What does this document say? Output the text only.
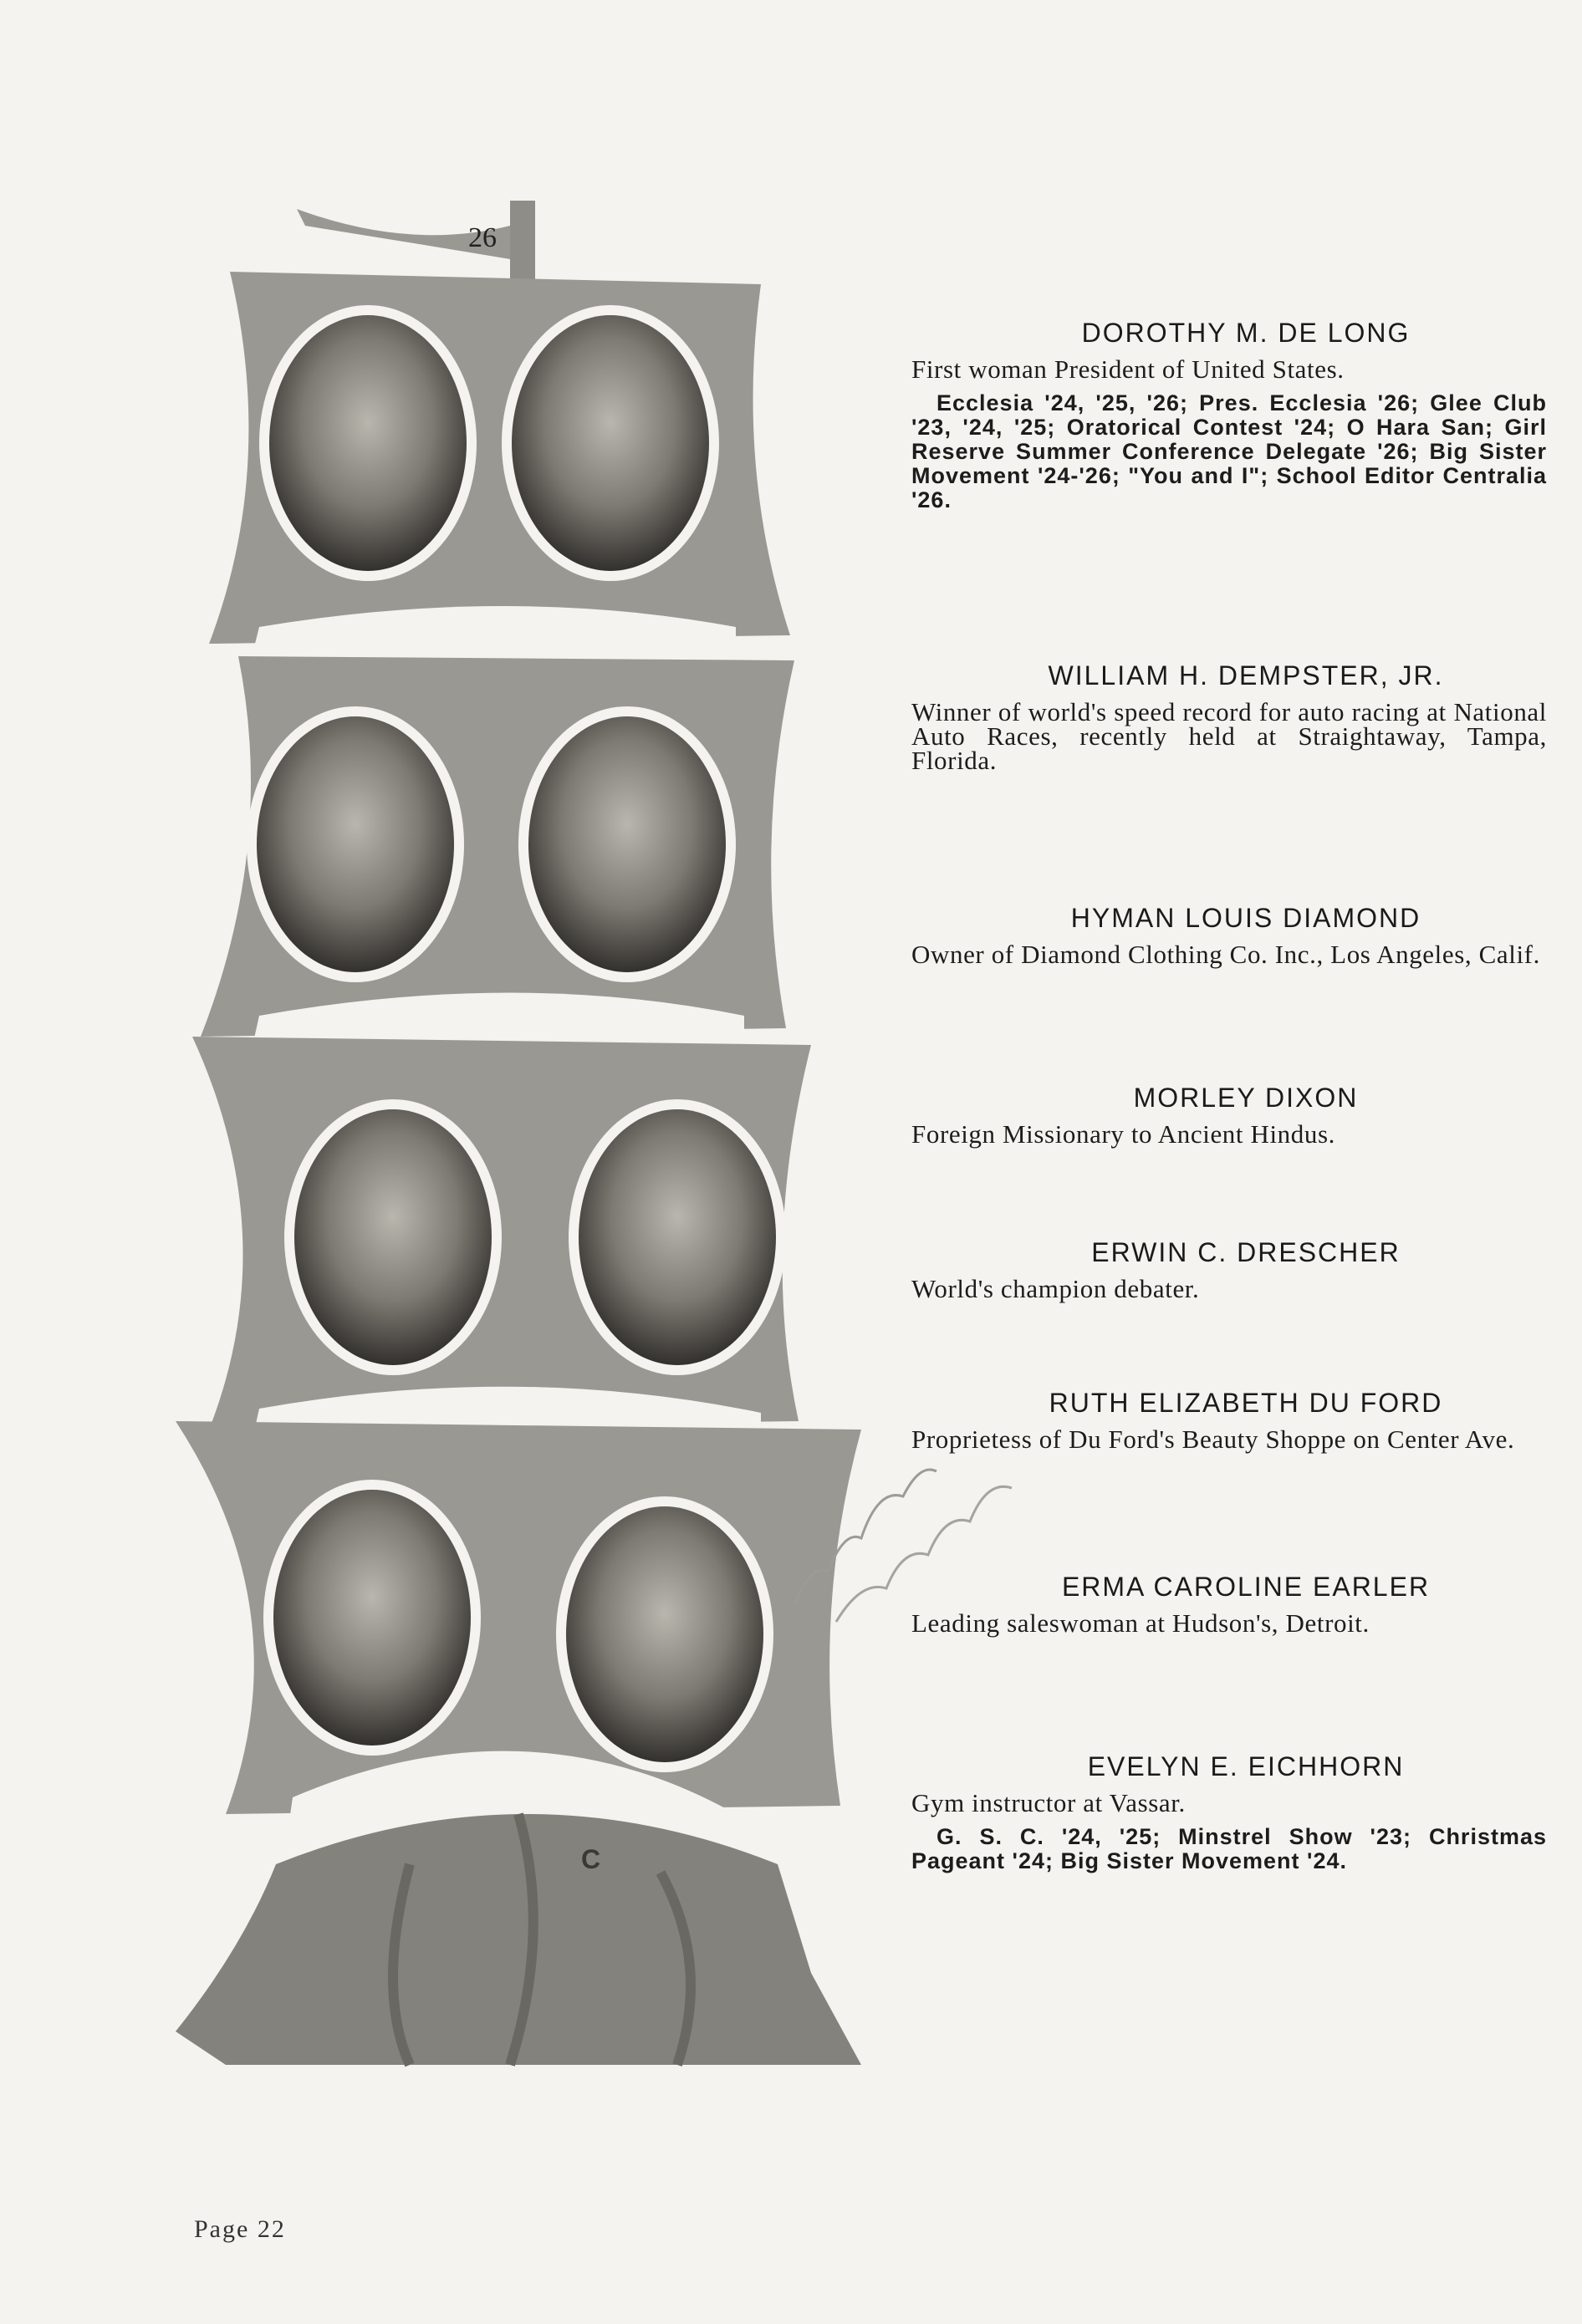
26
C
DOROTHY M. DE LONG
First woman President of United States.
Ecclesia '24, '25, '26; Pres. Ecclesia '26; Glee Club '23, '24, '25; Oratorical Contest '24; O Hara San; Girl Reserve Summer Conference Delegate '26; Big Sister Movement '24-'26; "You and I"; School Editor Centralia '26.
WILLIAM H. DEMPSTER, JR.
Winner of world's speed record for auto racing at National Auto Races, recently held at Straightaway, Tampa, Florida.
HYMAN LOUIS DIAMOND
Owner of Diamond Clothing Co. Inc., Los Angeles, Calif.
MORLEY DIXON
Foreign Missionary to Ancient Hindus.
ERWIN C. DRESCHER
World's champion debater.
RUTH ELIZABETH DU FORD
Proprietess of Du Ford's Beauty Shoppe on Center Ave.
ERMA CAROLINE EARLER
Leading saleswoman at Hudson's, Detroit.
EVELYN E. EICHHORN
Gym instructor at Vassar.
G. S. C. '24, '25; Minstrel Show '23; Christmas Pageant '24; Big Sister Movement '24.
Page 22
